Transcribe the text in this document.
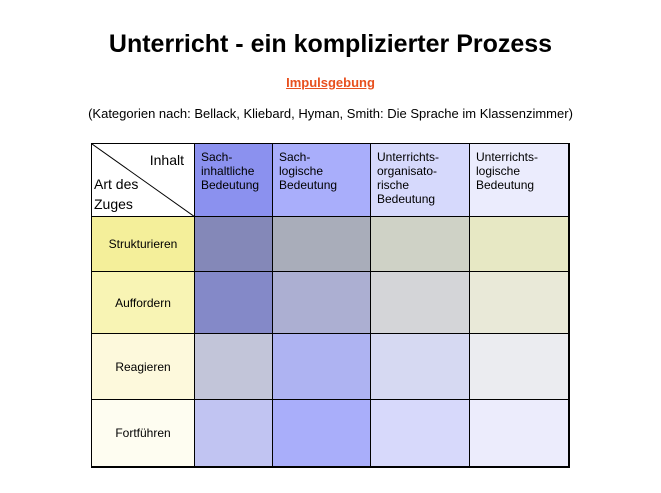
Unterricht - ein komplizierter Prozess
Impulsgebung
(Kategorien nach: Bellack, Kliebard, Hyman, Smith: Die Sprache im Klassenzimmer)
Inhalt
Art des
Zuges
Sach-
inhaltliche
Bedeutung
Sach-
logische
Bedeutung
Unterrichts-
organisato-
rische
Bedeutung
Unterrichts-
logische
Bedeutung
Strukturieren
Auffordern
Reagieren
Fortführen
